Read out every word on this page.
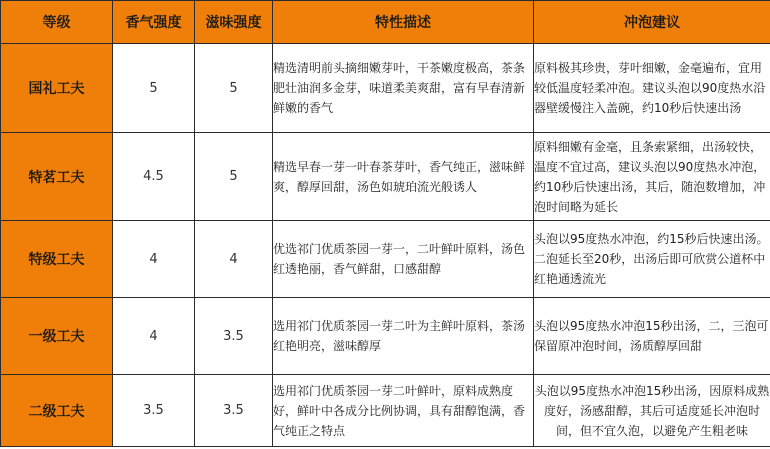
等级	香气强度	滋味强度	特性描述	冲泡建议
国礼工夫	5	5	精选清明前头摘细嫩芽叶，干茶嫩度极高，茶条肥壮油润多金芽，味道柔美爽甜，富有早春清新鲜嫩的香气	原料极其珍贵，芽叶细嫩，金毫遍布，宜用较低温度轻柔冲泡。建议头泡以90度热水沿器壁缓慢注入盖碗，约10秒后快速出汤
特茗工夫	4.5	5	精选早春一芽一叶春茶芽叶，香气纯正，滋味鲜爽，醇厚回甜，汤色如琥珀流光般诱人	原料细嫩有金毫，且条索紧细，出汤较快，温度不宜过高，建议头泡以90度热水冲泡，约10秒后快速出汤，其后，随泡数增加，冲泡时间略为延长
特级工夫	4	4	优选祁门优质茶园一芽一，二叶鲜叶原料，汤色红透艳丽，香气鲜甜，口感甜醇	头泡以95度热水冲泡，约15秒后快速出汤。二泡延长至20秒，出汤后即可欣赏公道杯中红艳通透流光
一级工夫	4	3.5	选用祁门优质茶园一芽二叶为主鲜叶原料，茶汤红艳明亮，滋味醇厚	头泡以95度热水冲泡15秒出汤，二，三泡可保留原冲泡时间，汤质醇厚回甜
二级工夫	3.5	3.5	选用祁门优质茶园一芽二叶鲜叶，原料成熟度好，鲜叶中各成分比例协调，具有甜醇饱满，香气纯正之特点	头泡以95度热水冲泡15秒出汤，因原料成熟度好，汤感甜醇，其后可适度延长冲泡时间，但不宜久泡，以避免产生粗老味
